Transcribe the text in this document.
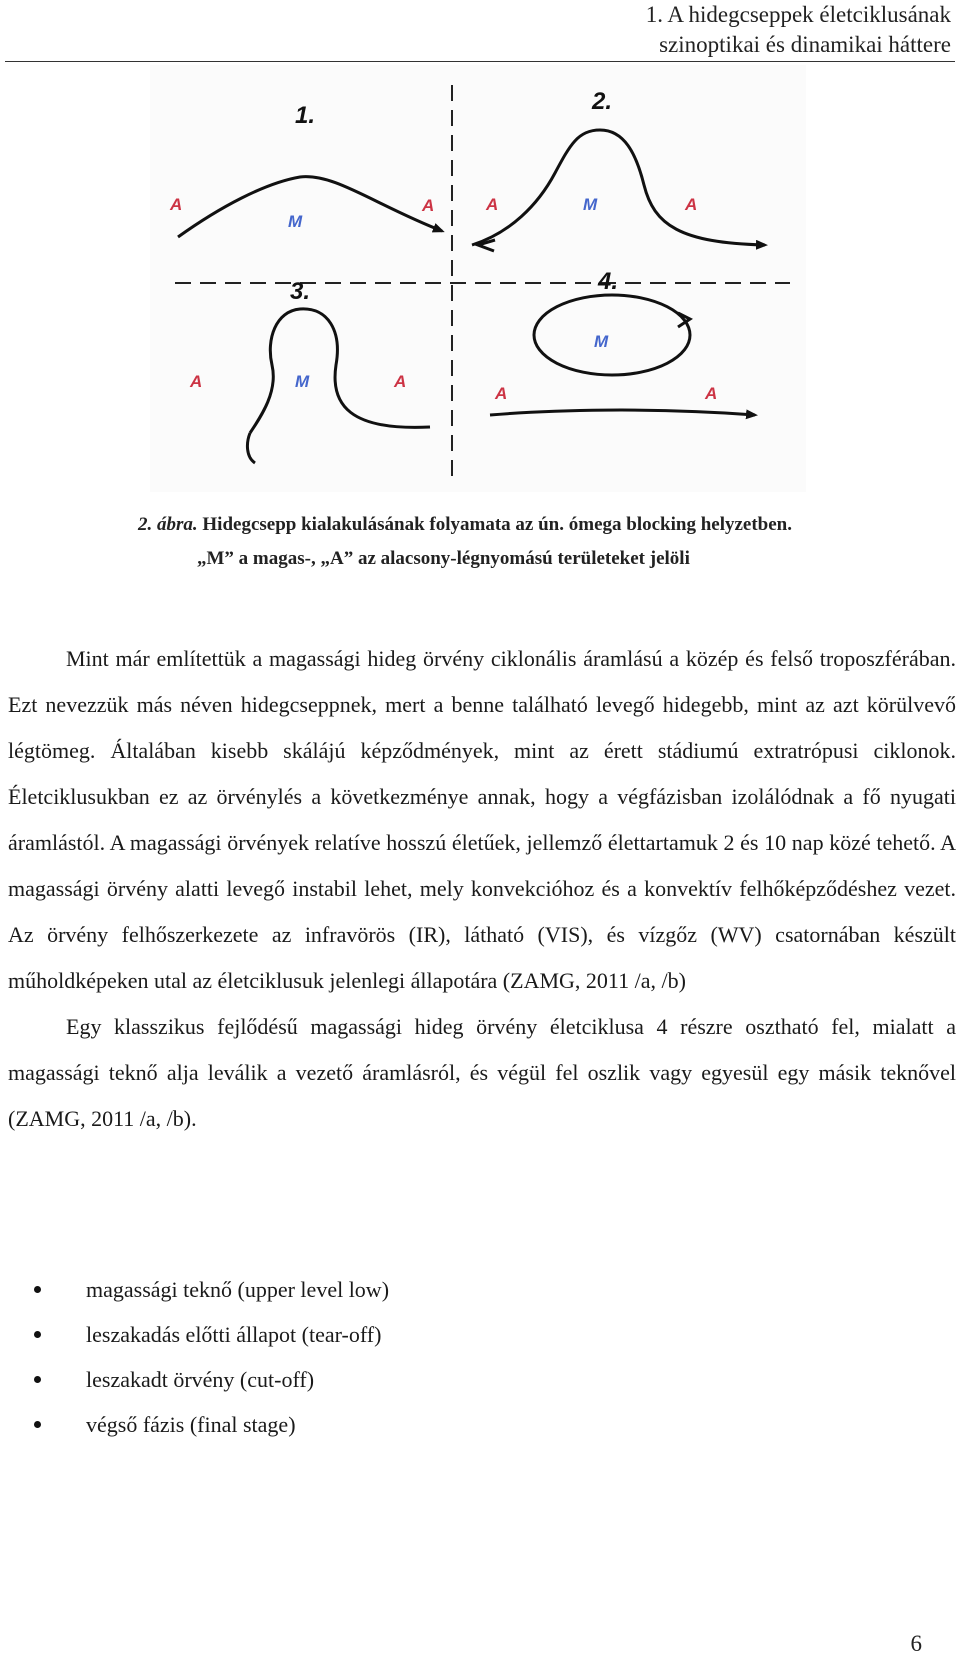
1. A hidegcseppek életciklusának
szinoptikai és dinamikai háttere
1.
A
M
A
2.
A	M	A
3.
A	M	A
4.
M
A	A
2. ábra. Hidegcsepp kialakulásának folyamata az ún. ómega blocking helyzetben.
„M” a magas-, „A” az alacsony-légnyomású területeket jelöli

Mint már említettük a magassági hideg örvény ciklonális áramlású a közép és felső troposzférában. Ezt nevezzük más néven hidegcseppnek, mert a benne található levegő hidegebb, mint az azt körülvevő légtömeg. Általában kisebb skálájú képződmények, mint az érett stádiumú extratrópusi ciklonok. Életciklusukban ez az örvénylés a következménye annak, hogy a végfázisban izolálódnak a fő nyugati áramlástól. A magassági örvények relatíve hosszú életűek, jellemző élettartamuk 2 és 10 nap közé tehető. A magassági örvény alatti levegő instabil lehet, mely konvekcióhoz és a konvektív felhőképződéshez vezet. Az örvény felhőszerkezete az infravörös (IR), látható (VIS), és vízgőz (WV) csatornában készült műholdképeken utal az életciklusuk jelenlegi állapotára (ZAMG, 2011 /a, /b)

Egy klasszikus fejlődésű magassági hideg örvény életciklusa 4 részre osztható fel, mialatt a magassági teknő alja leválik a vezető áramlásról, és végül fel oszlik vagy egyesül egy másik teknővel (ZAMG, 2011 /a, /b).

magassági teknő (upper level low)
leszakadás előtti állapot (tear-off)
leszakadt örvény (cut-off)
végső fázis (final stage)
6
